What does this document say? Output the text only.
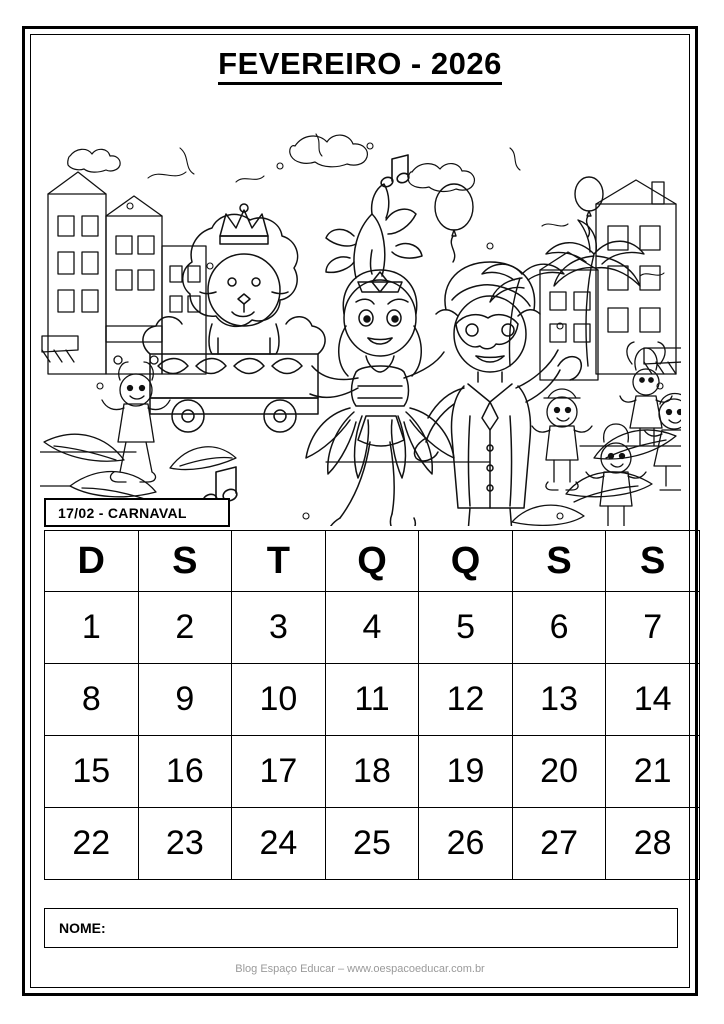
FEVEREIRO - 2026
17/02 - CARNAVAL
D	S	T	Q	Q	S	S
1	2	3	4	5	6	7
8	9	10	11	12	13	14
15	16	17	18	19	20	21
22	23	24	25	26	27	28
NOME:
Blog Espaço Educar – www.oespacoeducar.com.br
